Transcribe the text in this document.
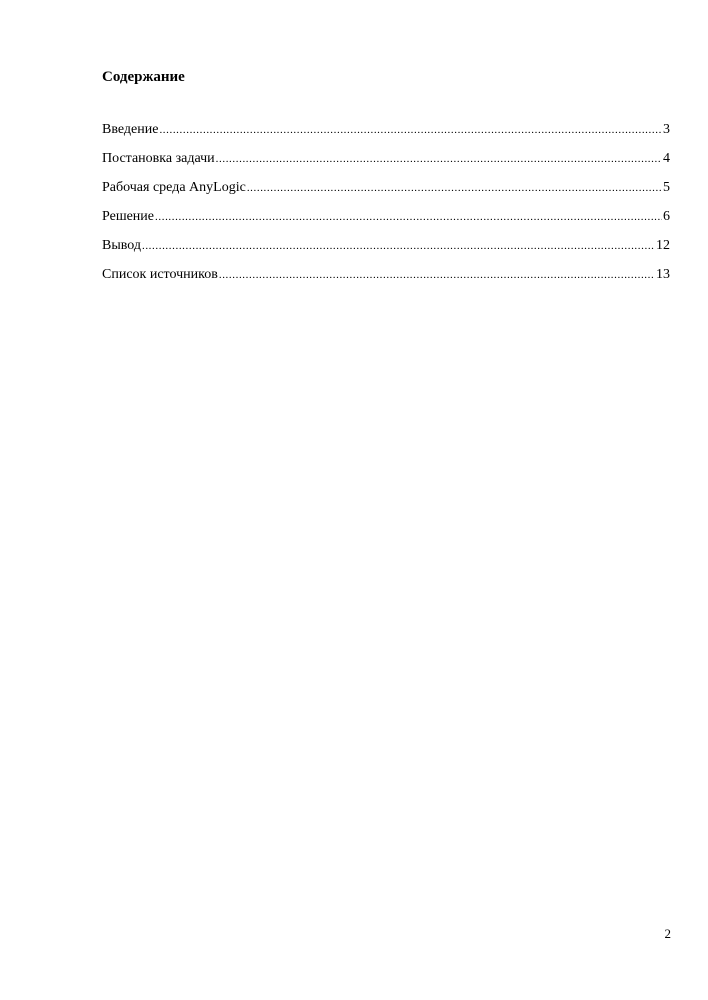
Содержание
Введение .....	3
Постановка задачи .....	4
Рабочая среда AnyLogic .....	5
Решение .....	6
Вывод .....	12
Список источников .....	13
2
